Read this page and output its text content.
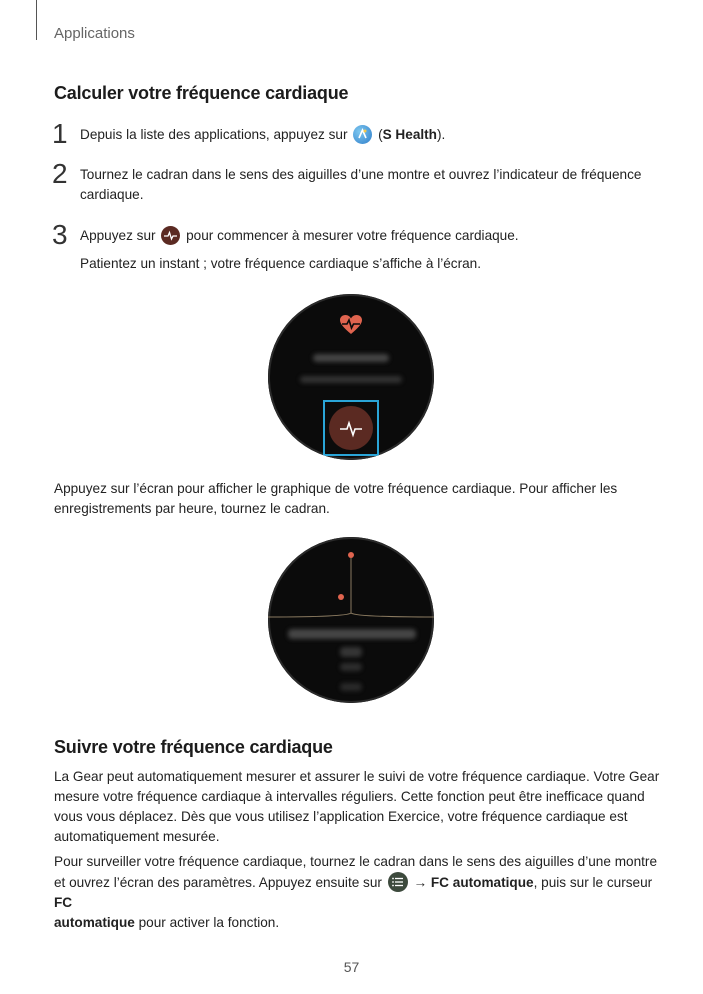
Applications
Calculer votre fréquence cardiaque
1 Depuis la liste des applications, appuyez sur (S Health).
2 Tournez le cadran dans le sens des aiguilles d’une montre et ouvrez l’indicateur de fréquence
cardiaque.
3 Appuyez sur pour commencer à mesurer votre fréquence cardiaque.
Patientez un instant ; votre fréquence cardiaque s’affiche à l’écran.
Appuyez sur l’écran pour afficher le graphique de votre fréquence cardiaque. Pour afficher les
enregistrements par heure, tournez le cadran.
Suivre votre fréquence cardiaque
La Gear peut automatiquement mesurer et assurer le suivi de votre fréquence cardiaque. Votre Gear
mesure votre fréquence cardiaque à intervalles réguliers. Cette fonction peut être inefficace quand
vous vous déplacez. Dès que vous utilisez l’application Exercice, votre fréquence cardiaque est
automatiquement mesurée.
Pour surveiller votre fréquence cardiaque, tournez le cadran dans le sens des aiguilles d’une montre
et ouvrez l’écran des paramètres. Appuyez ensuite sur → FC automatique, puis sur le curseur FC
automatique pour activer la fonction.
57
